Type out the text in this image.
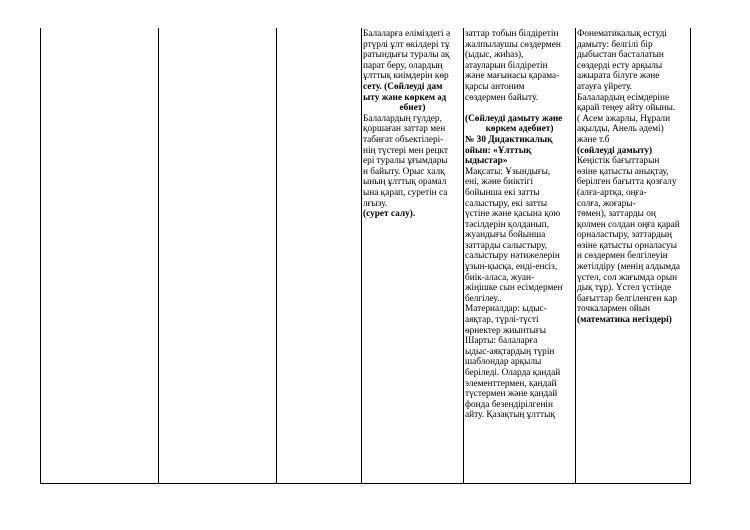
Балаларға еліміздегі ә
ртүрлі ұлт өкілдері тұ
ратындығы туралы ақ
парат беру, олардың
ұлттық киімдерін көр
сету. (Сөйлеуді дам
ыту және көркем әд
ебиет)
Балалардың гүлдер,
қоршаған заттар мен
табиғат объектілері-
нің түстері мен рецкт
ері туралы ұғымдары
н байыту. Орыс халқ
ының ұлттық орамал
ына қарап, суретін са
лғызу.
(сурет салу).
заттар тобын білдіретін
жалпылаушы сөздермен
(ыдыс, жиһаз),
атауларын білдіретін
және мағынасы қарама-
қарсы антоним
сөздермен байыту.
(Сөйлеуді дамыту және
көркем әдебиет)
№ 30 Дидактикалық
ойын: «Ұлттық
ыдыстар»
Мақсаты: Ұзындығы,
ені, және биіктігі
бойынша екі затты
салыстыру, екі затты
үстіне және қасына қою
тәсілдерін қолданып,
жуандығы бойынша
заттарды салыстыру,
салыстыру нәтижелерін
ұзын-қысқа, енді-енсіз,
биік-аласа, жуан-
жіңішке сын есімдермен
белгілеу..
Материалдар: ыдыс-
аяқтар, түрлі-түсті
өрнектер жиынтығы
Шарты: балаларға
ыдыс-аяқтардың түрін
шаблондар арқылы
беріледі. Оларда қандай
элементтермен, қандай
түстермен және қандай
фонда безендірілгенін
айту. Қазақтың ұлттық
Фонематикалық естуді
дамыту: белгілі бір
дыбыстан басталатын
сөздерді есту арқылы
ажырата білуге және
атауға үйрету.
Балалардың есімдеріне
қарай теңеу айту ойыны.
( Асем ажарлы, Нұрали
ақылды, Анель әдемі)
және т.б
(сөйлеуді дамыту)
Кеңістік бағыттарын
өзіне қатысты анықтау,
берілген бағытта қозғалу
(алға-артқа, оңға-
солға, жоғары-
төмен), заттарды оң
қолмен солдан оңға қарай
орналастыру, заттардың
өзіне қатысты орналасуы
н сөздермен белгілеуін
жетілдіру (менің алдымда
үстел, сол жағымда орын
дық тұр). Үстел үстінде
бағыттар белгіленген кар
точкалармен ойын
(математика негіздері)
